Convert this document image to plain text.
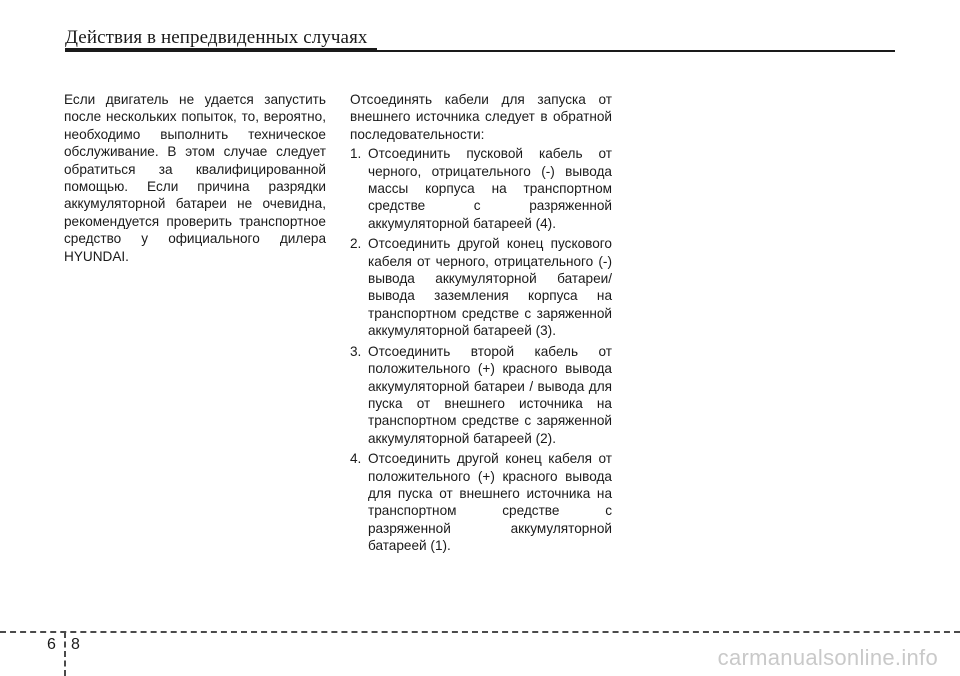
Действия в непредвиденных случаях

Если двигатель не удается запустить после нескольких попыток, то, вероятно, необходимо выполнить техническое обслуживание. В этом случае следует обратиться за квалифицированной помощью. Если причина разрядки аккумуляторной батареи не очевидна, рекомендуется проверить транспортное средство у официального дилера HYUNDAI.

Отсоединять кабели для запуска от внешнего источника следует в обратной последовательности:

1. Отсоединить пусковой кабель от черного, отрицательного (-) вывода массы корпуса на транспортном средстве с разряженной аккумуляторной батареей (4).
2. Отсоединить другой конец пускового кабеля от черного, отрицательного (-) вывода аккумуляторной батареи/вывода заземления корпуса на транспортном средстве с заряженной аккумуляторной батареей (3).
3. Отсоединить второй кабель от положительного (+) красного вывода аккумуляторной батареи / вывода для пуска от внешнего источника на транспортном средстве с заряженной аккумуляторной батареей (2).
4. Отсоединить другой конец кабеля от положительного (+) красного вывода для пуска от внешнего источника на транспортном средстве с разряженной аккумуляторной батареей (1).
6 8
carmanualsonline.info
